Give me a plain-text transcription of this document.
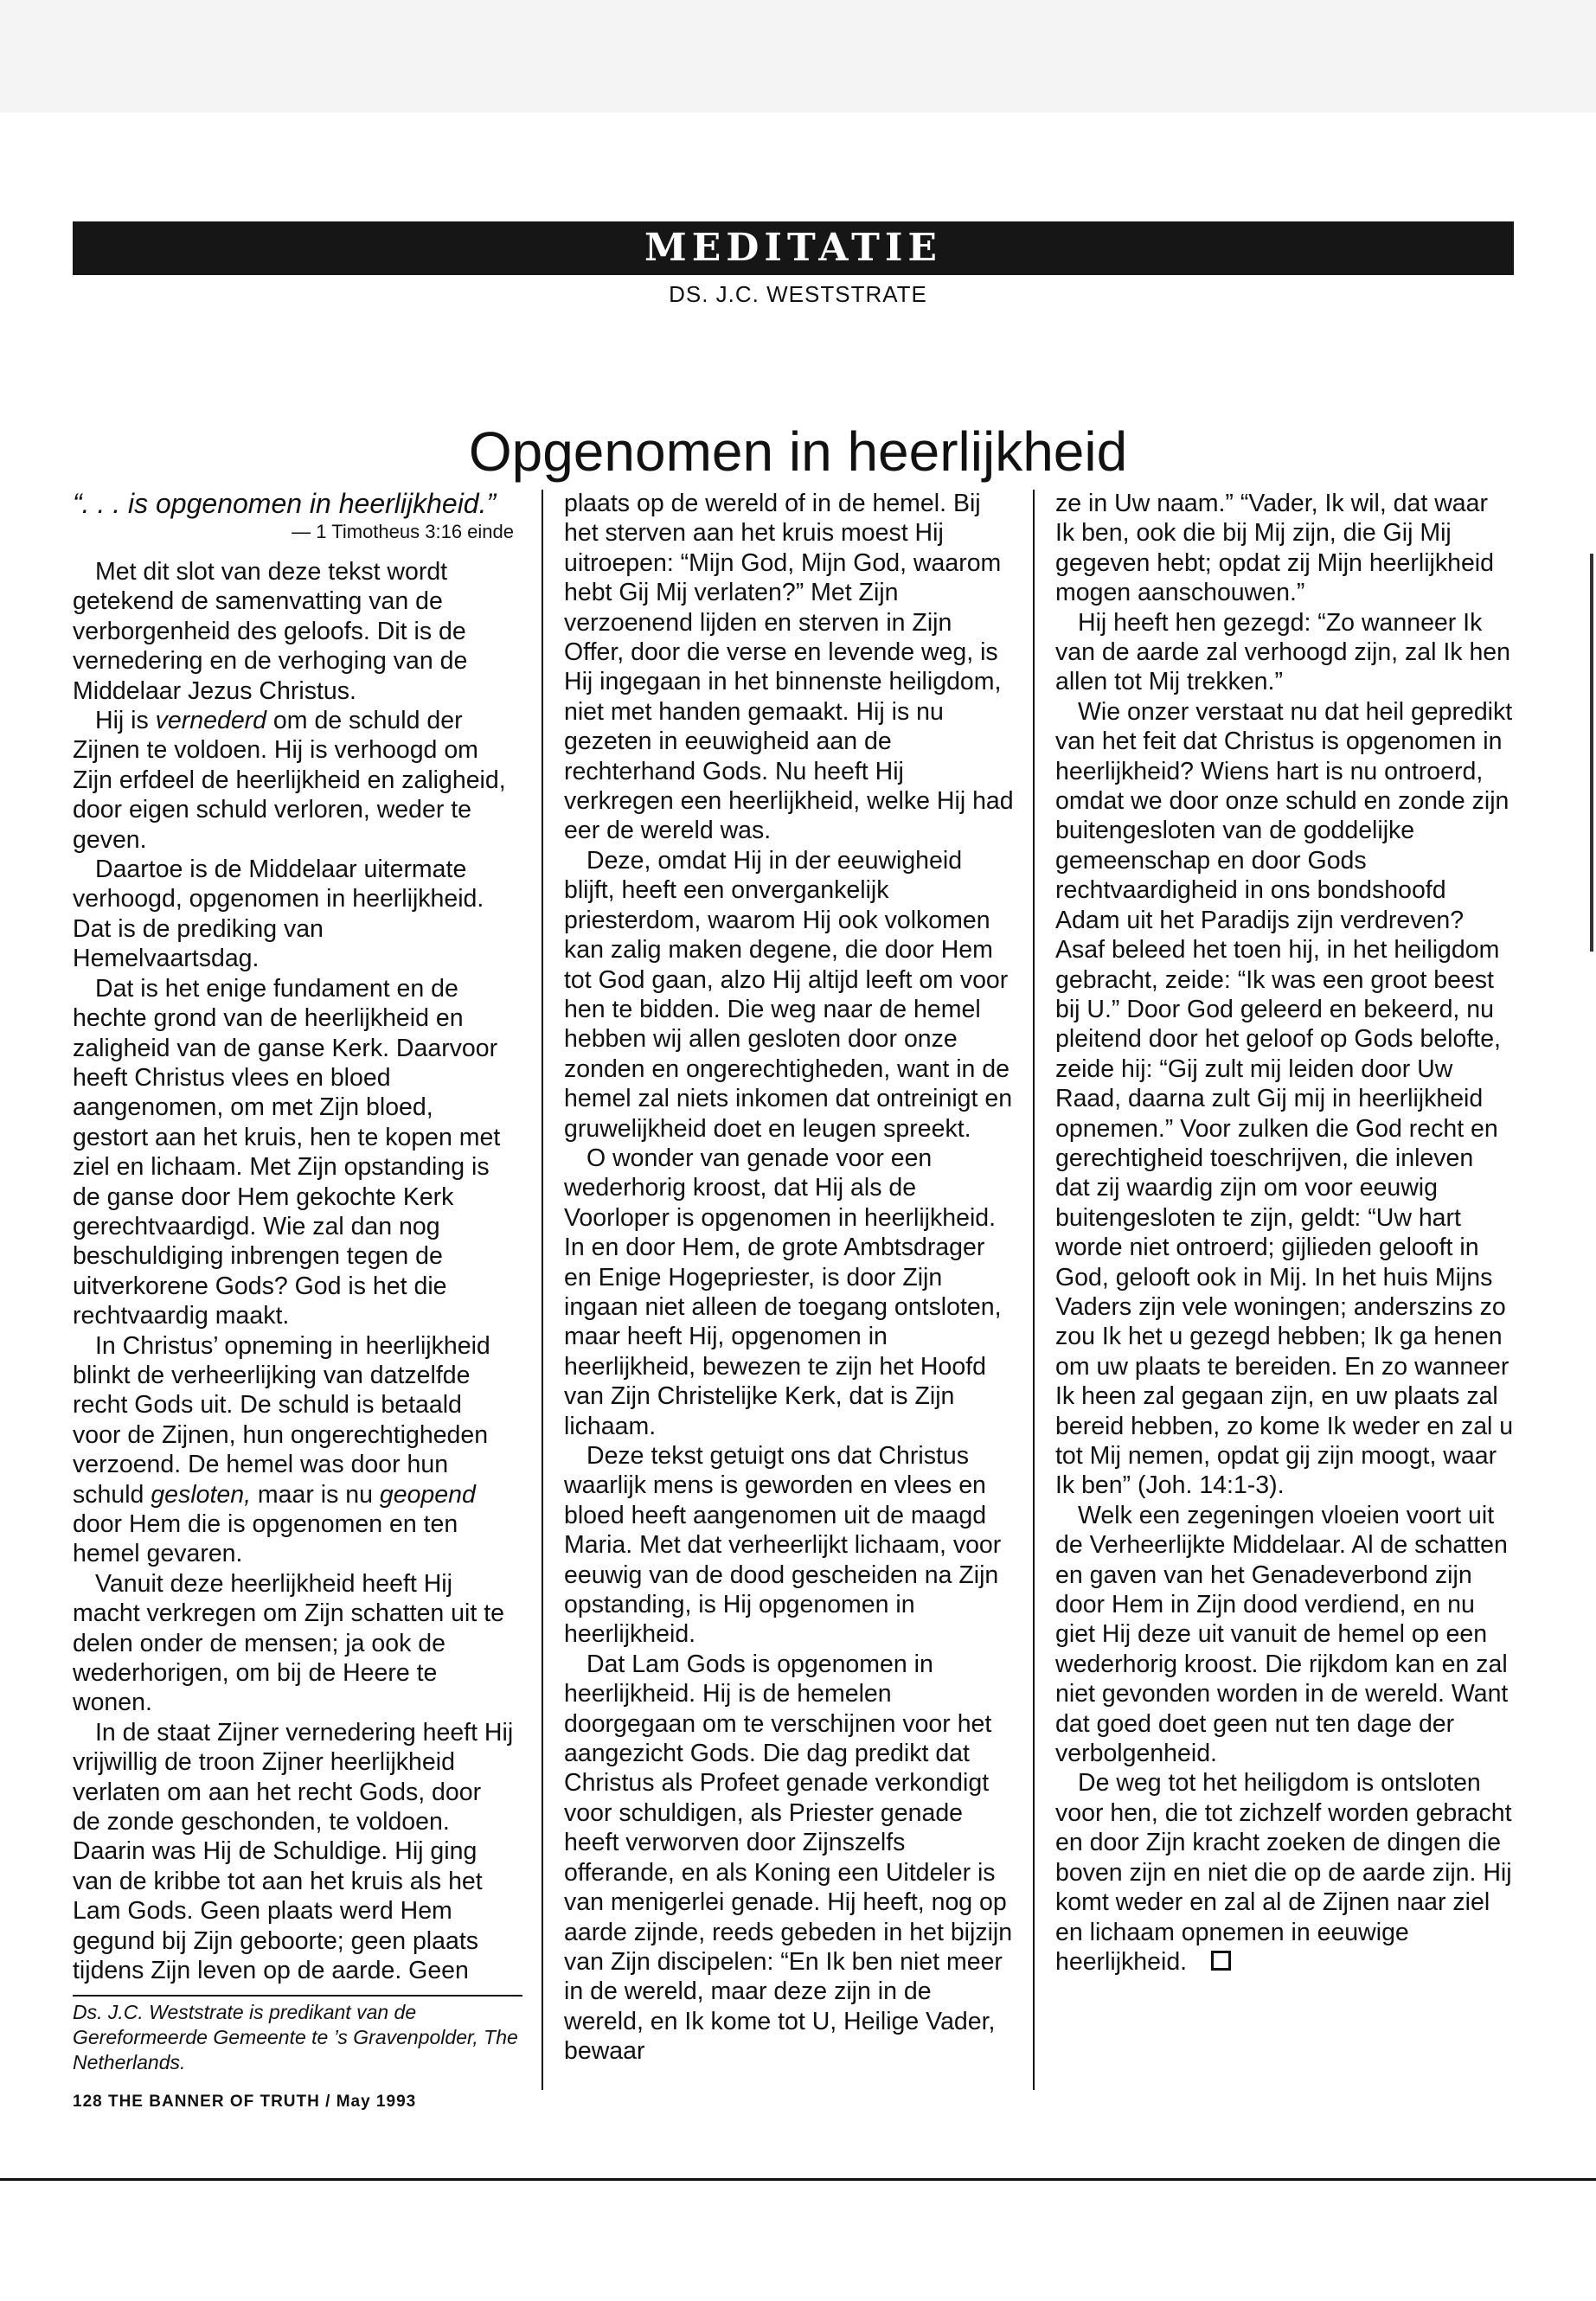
MEDITATIE
DS. J.C. WESTSTRATE
Opgenomen in heerlijkheid

“. . . is opgenomen in heerlijkheid.”

— 1 Timotheus 3:16 einde

Met dit slot van deze tekst wordt getekend de samenvatting van de verborgenheid des geloofs. Dit is de vernedering en de verhoging van de Middelaar Jezus Christus.

Hij is vernederd om de schuld der Zijnen te voldoen. Hij is verhoogd om Zijn erfdeel de heerlijkheid en zaligheid, door eigen schuld verloren, weder te geven.

Daartoe is de Middelaar uitermate verhoogd, opgenomen in heerlijkheid. Dat is de prediking van Hemelvaartsdag.

Dat is het enige fundament en de hechte grond van de heerlijkheid en zaligheid van de ganse Kerk. Daarvoor heeft Christus vlees en bloed aangenomen, om met Zijn bloed, gestort aan het kruis, hen te kopen met ziel en lichaam. Met Zijn opstanding is de ganse door Hem gekochte Kerk gerechtvaardigd. Wie zal dan nog beschuldiging inbrengen tegen de uitverkorene Gods? God is het die rechtvaardig maakt.

In Christus’ opneming in heerlijkheid blinkt de verheerlijking van datzelfde recht Gods uit. De schuld is betaald voor de Zijnen, hun ongerechtigheden verzoend. De hemel was door hun schuld gesloten, maar is nu geopend door Hem die is opgenomen en ten hemel gevaren.

Vanuit deze heerlijkheid heeft Hij macht verkregen om Zijn schatten uit te delen onder de mensen; ja ook de wederhorigen, om bij de Heere te wonen.

In de staat Zijner vernedering heeft Hij vrijwillig de troon Zijner heerlijkheid verlaten om aan het recht Gods, door de zonde geschonden, te voldoen. Daarin was Hij de Schuldige. Hij ging van de kribbe tot aan het kruis als het Lam Gods. Geen plaats werd Hem gegund bij Zijn geboorte; geen plaats tijdens Zijn leven op de aarde. Geen

plaats op de wereld of in de hemel. Bij het sterven aan het kruis moest Hij uitroepen: “Mijn God, Mijn God, waarom hebt Gij Mij verlaten?” Met Zijn verzoenend lijden en sterven in Zijn Offer, door die verse en levende weg, is Hij ingegaan in het binnenste heiligdom, niet met handen gemaakt. Hij is nu gezeten in eeuwigheid aan de rechterhand Gods. Nu heeft Hij verkregen een heerlijkheid, welke Hij had eer de wereld was.

Deze, omdat Hij in der eeuwigheid blijft, heeft een onvergankelijk priesterdom, waarom Hij ook volkomen kan zalig maken degene, die door Hem tot God gaan, alzo Hij altijd leeft om voor hen te bidden. Die weg naar de hemel hebben wij allen gesloten door onze zonden en ongerechtigheden, want in de hemel zal niets inkomen dat ontreinigt en gruwelijkheid doet en leugen spreekt.

O wonder van genade voor een wederhorig kroost, dat Hij als de Voorloper is opgenomen in heerlijkheid. In en door Hem, de grote Ambtsdrager en Enige Hogepriester, is door Zijn ingaan niet alleen de toegang ontsloten, maar heeft Hij, opgenomen in heerlijkheid, bewezen te zijn het Hoofd van Zijn Christelijke Kerk, dat is Zijn lichaam.

Deze tekst getuigt ons dat Christus waarlijk mens is geworden en vlees en bloed heeft aangenomen uit de maagd Maria. Met dat verheerlijkt lichaam, voor eeuwig van de dood gescheiden na Zijn opstanding, is Hij opgenomen in heerlijkheid.

Dat Lam Gods is opgenomen in heerlijkheid. Hij is de hemelen doorgegaan om te verschijnen voor het aangezicht Gods. Die dag predikt dat Christus als Profeet genade verkondigt voor schuldigen, als Priester genade heeft verworven door Zijnszelfs offerande, en als Koning een Uitdeler is van menigerlei genade. Hij heeft, nog op aarde zijnde, reeds gebeden in het bijzijn van Zijn discipelen: “En Ik ben niet meer in de wereld, maar deze zijn in de wereld, en Ik kome tot U, Heilige Vader, bewaar

ze in Uw naam.” “Vader, Ik wil, dat waar Ik ben, ook die bij Mij zijn, die Gij Mij gegeven hebt; opdat zij Mijn heerlijkheid mogen aanschouwen.”

Hij heeft hen gezegd: “Zo wanneer Ik van de aarde zal verhoogd zijn, zal Ik hen allen tot Mij trekken.”

Wie onzer verstaat nu dat heil gepredikt van het feit dat Christus is opgenomen in heerlijkheid? Wiens hart is nu ontroerd, omdat we door onze schuld en zonde zijn buitengesloten van de goddelijke gemeenschap en door Gods rechtvaardigheid in ons bondshoofd Adam uit het Paradijs zijn verdreven? Asaf beleed het toen hij, in het heiligdom gebracht, zeide: “Ik was een groot beest bij U.” Door God geleerd en bekeerd, nu pleitend door het geloof op Gods belofte, zeide hij: “Gij zult mij leiden door Uw Raad, daarna zult Gij mij in heerlijkheid opnemen.” Voor zulken die God recht en gerechtigheid toeschrijven, die inleven dat zij waardig zijn om voor eeuwig buitengesloten te zijn, geldt: “Uw hart worde niet ontroerd; gijlieden gelooft in God, gelooft ook in Mij. In het huis Mijns Vaders zijn vele woningen; anderszins zo zou Ik het u gezegd hebben; Ik ga henen om uw plaats te bereiden. En zo wanneer Ik heen zal gegaan zijn, en uw plaats zal bereid hebben, zo kome Ik weder en zal u tot Mij nemen, opdat gij zijn moogt, waar Ik ben” (Joh. 14:1-3).

Welk een zegeningen vloeien voort uit de Verheerlijkte Middelaar. Al de schatten en gaven van het Genadeverbond zijn door Hem in Zijn dood verdiend, en nu giet Hij deze uit vanuit de hemel op een wederhorig kroost. Die rijkdom kan en zal niet gevonden worden in de wereld. Want dat goed doet geen nut ten dage der verbolgenheid.

De weg tot het heiligdom is ontsloten voor hen, die tot zichzelf worden gebracht en door Zijn kracht zoeken de dingen die boven zijn en niet die op de aarde zijn. Hij komt weder en zal al de Zijnen naar ziel en lichaam opnemen in eeuwige heerlijkheid.

Ds. J.C. Weststrate is predikant van de Gereformeerde Gemeente te ’s Gravenpolder, The Netherlands.
128 THE BANNER OF TRUTH / May 1993
